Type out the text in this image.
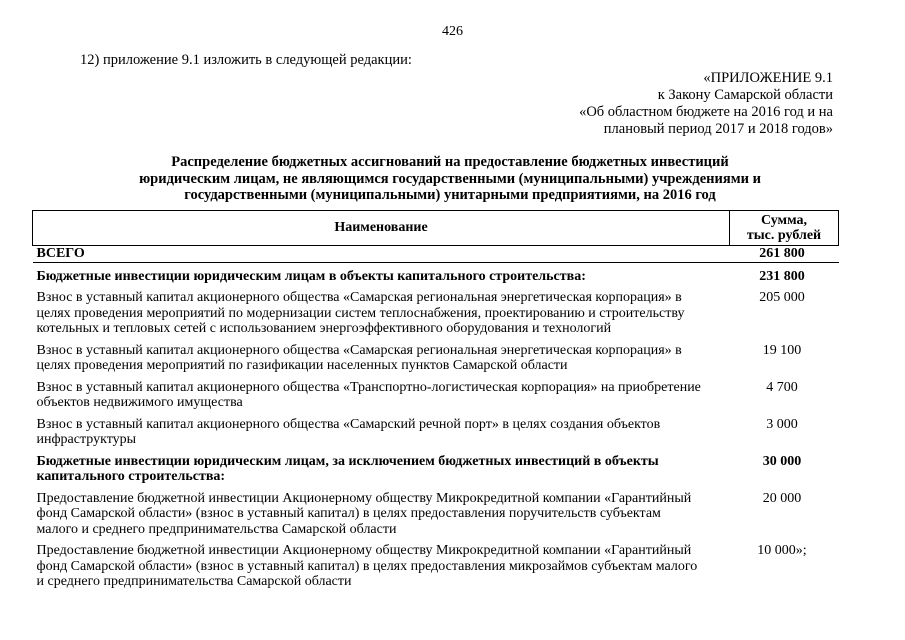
426
12) приложение 9.1 изложить в следующей редакции:
«ПРИЛОЖЕНИЕ 9.1
к Закону Самарской области
«Об областном бюджете на 2016 год и на
плановый период 2017 и 2018 годов»
Распределение бюджетных ассигнований на предоставление бюджетных инвестиций
юридическим лицам, не являющимся государственными (муниципальными) учреждениями и
государственными (муниципальными) унитарными предприятиями, на 2016 год
Наименование	Сумма,
тыс. рублей

ВСЕГО	261 800
Бюджетные инвестиции юридическим лицам в объекты капитального строительства:	231 800
Взнос в уставный капитал акционерного общества «Самарская региональная энергетическая корпорация» в целях проведения мероприятий по модернизации систем теплоснабжения, проектированию и строительству котельных и тепловых сетей с использованием энергоэффективного оборудования и технологий	205 000
Взнос в уставный капитал акционерного общества «Самарская региональная энергетическая корпорация» в целях проведения мероприятий по газификации населенных пунктов Самарской области	19 100
Взнос в уставный капитал акционерного общества «Транспортно-логистическая корпорация» на приобретение объектов недвижимого имущества	4 700
Взнос в уставный капитал акционерного общества «Самарский речной порт» в целях создания объектов инфраструктуры	3 000
Бюджетные инвестиции юридическим лицам, за исключением бюджетных инвестиций в объекты капитального строительства:	30 000
Предоставление бюджетной инвестиции Акционерному обществу Микрокредитной компании «Гарантийный фонд Самарской области» (взнос в уставный капитал) в целях предоставления поручительств субъектам малого и среднего предпринимательства Самарской области	20 000
Предоставление бюджетной инвестиции Акционерному обществу Микрокредитной компании «Гарантийный фонд Самарской области» (взнос в уставный капитал) в целях предоставления микрозаймов субъектам малого и среднего предпринимательства Самарской области	10 000»;
